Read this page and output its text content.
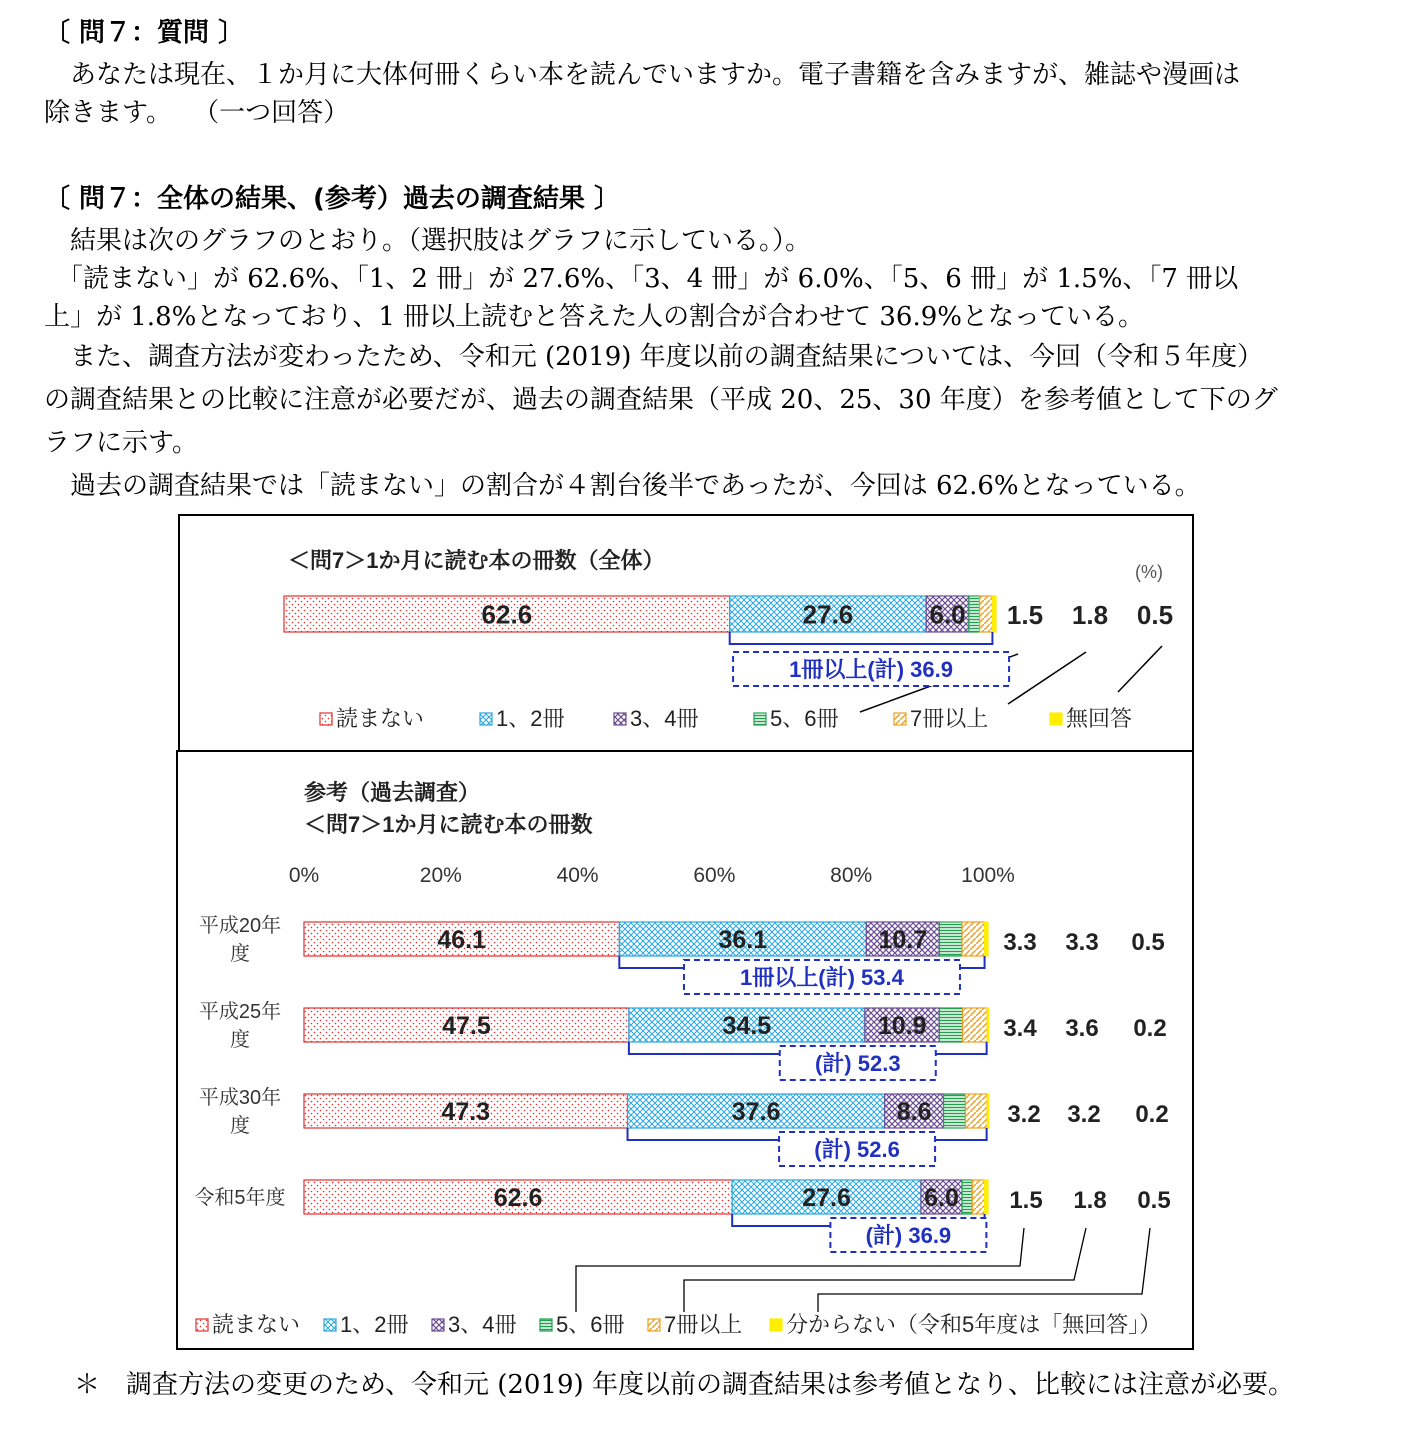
〔 問７：質問 〕
　あなたは現在、１か月に大体何冊くらい本を読んでいますか。電子書籍を含みますが、雑誌や漫画は
除きます。　 （一つ回答）
〔 問７：全体の結果、(参考）過去の調査結果 〕
　結果は次のグラフのとおり。（選択肢はグラフに示している。）。
　「読まない」が 62.6%、「1、2 冊」が 27.6%、「3、4 冊」が 6.0%、「5、6 冊」が 1.5%、「7 冊以
上」が 1.8%となっており、1 冊以上読むと答えた人の割合が合わせて 36.9%となっている。
　また、調査方法が変わったため、令和元 (2019) 年度以前の調査結果については、今回（令和５年度）
の調査結果との比較に注意が必要だが、過去の調査結果（平成 20、25、30 年度）を参考値として下のグ
ラフに示す。
　過去の調査結果では「読まない」の割合が４割台後半であったが、今回は 62.6%となっている。
＜問7＞1か月に読む本の冊数（全体）	(%)
62.6	27.6	6.0 1.5 1.8 0.5
1冊以上(計) 36.9
読まない	1、2冊	3、4冊	5、6冊	7冊以上	無回答
参考（過去調査）
＜問7＞1か月に読む本の冊数
0%	20%	40%	60%	80%	100%
平成20年
度	46.1	36.1	10.7	3.3 3.3 0.5
1冊以上(計) 53.4
平成25年
度	47.5	34.5	10.9	3.4 3.6 0.2
(計) 52.3
平成30年
度	47.3	37.6	8.6	3.2 3.2 0.2
(計) 52.6
令和5年度	62.6	27.6	6.0 1.5 1.8 0.5
(計) 36.9
読まない 1、2冊 3、4冊 5、6冊 7冊以上 分からない（令和5年度は「無回答」）
＊　調査方法の変更のため、令和元 (2019) 年度以前の調査結果は参考値となり、比較には注意が必要。
